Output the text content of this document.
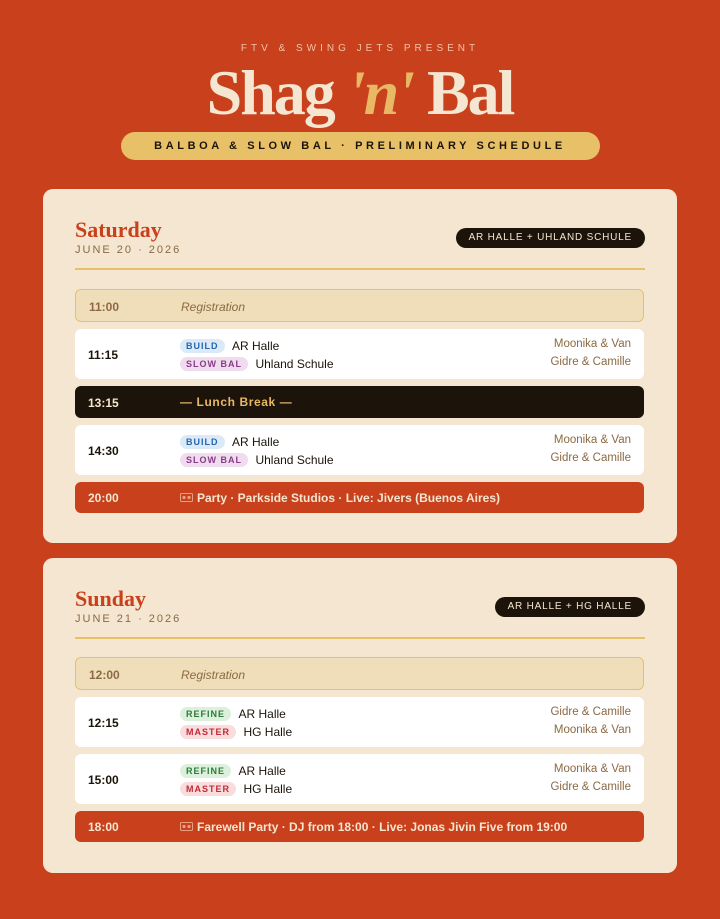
FTV & SWING JETS PRESENT
Shag 'n' Bal
BALBOA & SLOW BAL · PRELIMINARY SCHEDULE
Saturday
JUNE 20 · 2026
AR HALLE + UHLAND SCHULE
11:00	Registration
11:15
BUILD AR Halle	Moonika & Van
SLOW BAL Uhland Schule	Gidre & Camille
13:15	— Lunch Break —
14:30
BUILD AR Halle	Moonika & Van
SLOW BAL Uhland Schule	Gidre & Camille
20:00	Party · Parkside Studios · Live: Jivers (Buenos Aires)
Sunday
JUNE 21 · 2026
AR HALLE + HG HALLE
12:00	Registration
12:15
REFINE AR Halle	Gidre & Camille
MASTER HG Halle	Moonika & Van
15:00
REFINE AR Halle	Moonika & Van
MASTER HG Halle	Gidre & Camille
18:00	Farewell Party · DJ from 18:00 · Live: Jonas Jivin Five from 19:00
